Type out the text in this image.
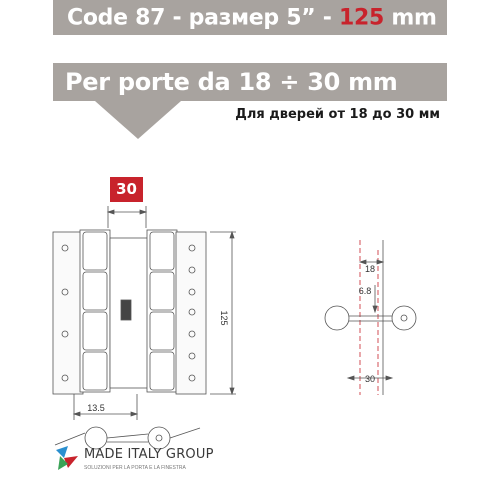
Code 87 - размер 5” - 125 mm
Per porte da 18 ÷ 30 mm
Для дверей от 18 до 30 мм
30
125
13.5
18
6.8
30
MADE ITALY GROUP
SOLUZIONI PER LA PORTA E LA FINESTRA
